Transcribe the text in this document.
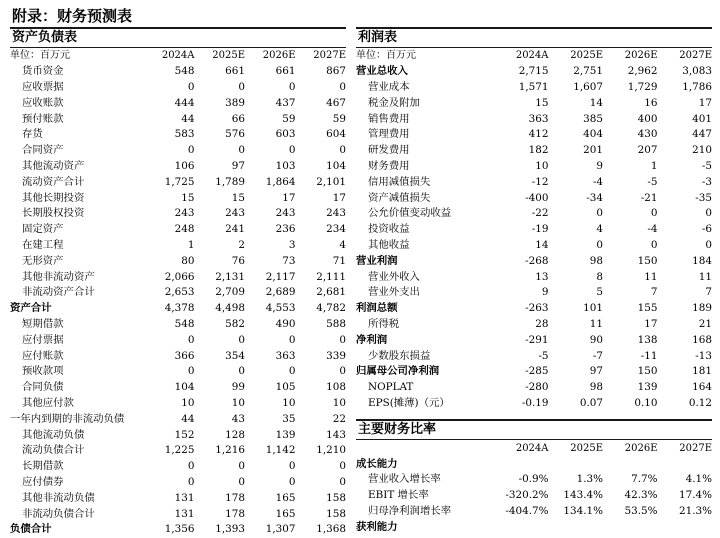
附录：财务预测表
资产负债表
单位：百万元	2024A	2025E	2026E	2027E
货币资金	548	661	661	867
应收票据	0	0	0	0
应收账款	444	389	437	467
预付账款	44	66	59	59
存货	583	576	603	604
合同资产	0	0	0	0
其他流动资产	106	97	103	104
流动资产合计	1,725	1,789	1,864	2,101
其他长期投资	15	15	17	17
长期股权投资	243	243	243	243
固定资产	248	241	236	234
在建工程	1	2	3	4
无形资产	80	76	73	71
其他非流动资产	2,066	2,131	2,117	2,111
非流动资产合计	2,653	2,709	2,689	2,681
资产合计	4,378	4,498	4,553	4,782
短期借款	548	582	490	588
应付票据	0	0	0	0
应付账款	366	354	363	339
预收款项	0	0	0	0
合同负债	104	99	105	108
其他应付款	10	10	10	10
一年内到期的非流动负债	44	43	35	22
其他流动负债	152	128	139	143
流动负债合计	1,225	1,216	1,142	1,210
长期借款	0	0	0	0
应付债券	0	0	0	0
其他非流动负债	131	178	165	158
非流动负债合计	131	178	165	158
负债合计	1,356	1,393	1,307	1,368
利润表
单位：百万元	2024A	2025E	2026E	2027E
营业总收入	2,715	2,751	2,962	3,083
营业成本	1,571	1,607	1,729	1,786
税金及附加	15	14	16	17
销售费用	363	385	400	401
管理费用	412	404	430	447
研发费用	182	201	207	210
财务费用	10	9	1	-5
信用减值损失	-12	-4	-5	-3
资产减值损失	-400	-34	-21	-35
公允价值变动收益	-22	0	0	0
投资收益	-19	4	-4	-6
其他收益	14	0	0	0
营业利润	-268	98	150	184
营业外收入	13	8	11	11
营业外支出	9	5	7	7
利润总额	-263	101	155	189
所得税	28	11	17	21
净利润	-291	90	138	168
少数股东损益	-5	-7	-11	-13
归属母公司净利润	-285	97	150	181
NOPLAT	-280	98	139	164
EPS(摊薄)（元）	-0.19	0.07	0.10	0.12
主要财务比率
	2024A	2025E	2026E	2027E
成长能力				
营业收入增长率	-0.9%	1.3%	7.7%	4.1%
EBIT 增长率	-320.2%	143.4%	42.3%	17.4%
归母净利润增长率	-404.7%	134.1%	53.5%	21.3%
获利能力				
